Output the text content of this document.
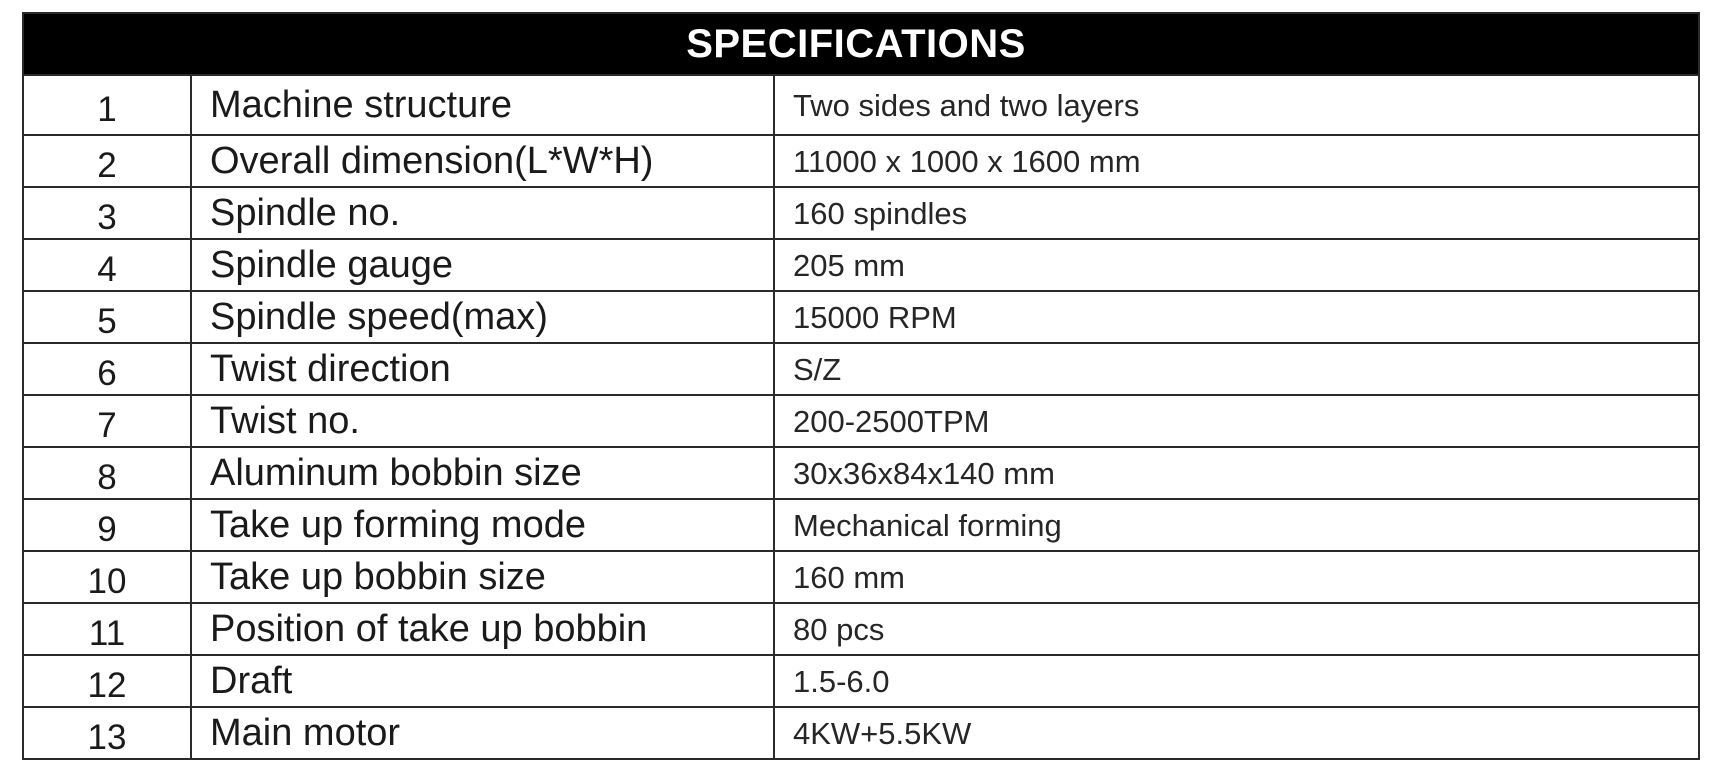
SPECIFICATIONS		
1	Machine structure	Two sides and two layers
2	Overall dimension(L*W*H)	11000 x 1000 x 1600 mm
3	Spindle no.	160 spindles
4	Spindle gauge	205 mm
5	Spindle speed(max)	15000 RPM
6	Twist direction	S/Z
7	Twist no.	200-2500TPM
8	Aluminum bobbin size	30x36x84x140 mm
9	Take up forming mode	Mechanical forming
10	Take up bobbin size	160 mm
11	Position of take up bobbin	80 pcs
12	Draft	1.5-6.0
13	Main motor	4KW+5.5KW
